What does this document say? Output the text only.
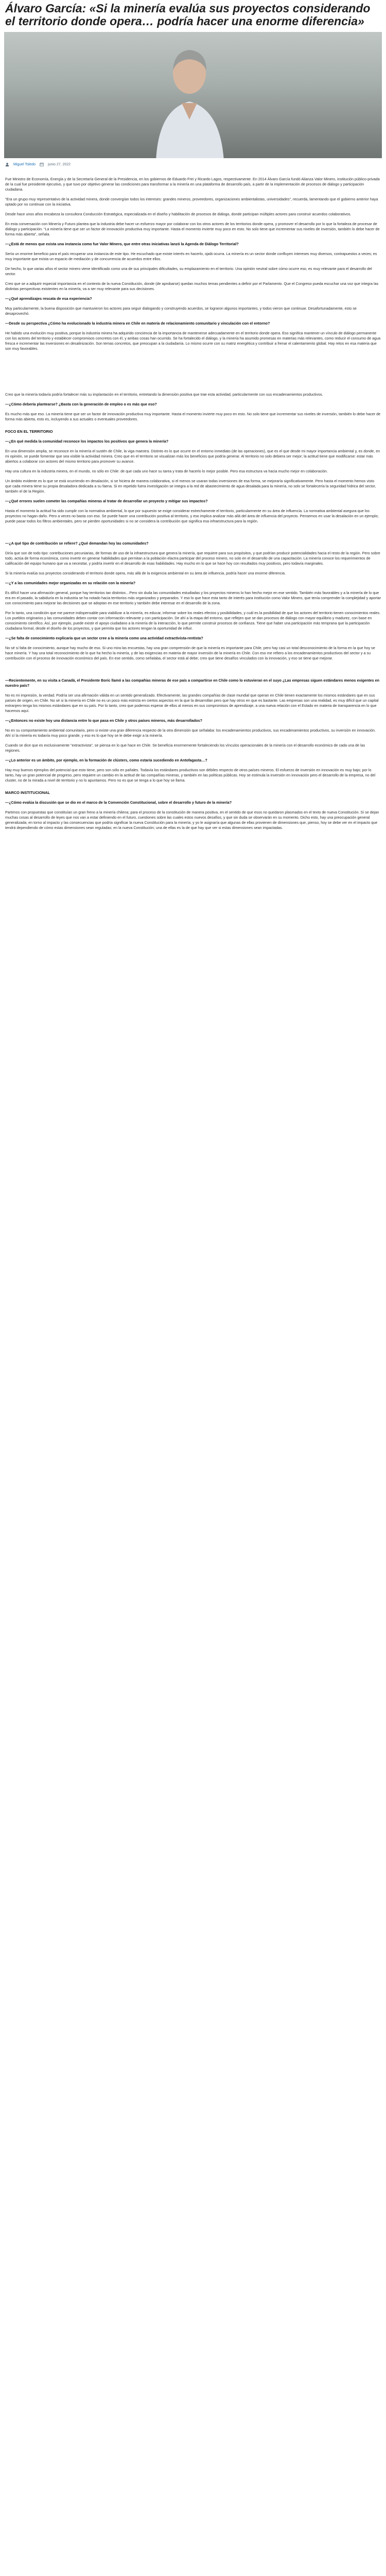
Álvaro García: «Si la minería evalúa sus proyectos considerando el territorio donde opera… podría hacer una enorme diferencia»
Miguel Toledo	junio 27, 2022

Fue Ministro de Economía, Energía y de la Secretaría General de la Presidencia, en los gobiernos de Eduardo Frei y Ricardo Lagos, respectivamente. En 2014 Álvaro García fundó Alianza Valor Minero, institución público-privada de la cual fue presidente ejecutivo, y que tuvo por objetivo generar las condiciones para transformar a la minería en una plataforma de desarrollo país, a partir de la implementación de procesos de diálogo y participación ciudadana.

“Era un grupo muy representativo de la actividad minera, donde convergían todos los intereses: grandes mineros, proveedores, organizaciones ambientalistas, universidades”, recuerda, lamentando que el gobierno anterior haya optado por no continuar con la iniciativa.

Desde hace unos años encabeza la consultora Conducción Estratégica, especializada en el diseño y habilitación de procesos de diálogo, donde participan múltiples actores para construir acuerdos colaborativos.

En esta conversación con Minería y Futuro plantea que la industria debe hacer un esfuerzo mayor por colaborar con los otros actores de los territorios donde opera, y promover el desarrollo por lo que la fortaleza de procesar de diálogo y participación. “La minería tiene que ser un factor de innovación productiva muy importante. Hasta el momento inviertе muy poco en esto. No solo tiene que incrementar sus niveles de inversión, también lo debe hacer de forma más abierta”, señala.

—¿Está de menos que exista una instancia como fue Valor Minero, que entre otras iniciativas lanzó la Agenda de Diálogo Territorial?

Sería un enorme beneficio para el país recuperar una instancia de este tipo. He escuchado que existe interés en hacerlo, ojalá ocurra. La minería es un sector donde confluyen intereses muy diversos, contrapuestos a veces; es muy importante que exista un espacio de mediación y de concurrencia de acuerdos entre ellos.

De hecho, lo que varias años el sector minero viene identificado como una de sus principales dificultades, su emplazamiento en el territorio. Una opinión neutral sobre cómo ocurre eso, es muy relevante para el desarrollo del sector.

Creo que se a adquirir especial importancia en el contexto de la nueva Constitución, donde (de aprobarse) quedan muchos temas pendientes a definir por el Parlamento. Que el Congreso pueda escuchar una voz que integra las distintas perspectivas existentes en la minería, va a ser muy relevante para sus decisiones.

—¿Qué aprendizajes rescata de esa experiencia?

Muy particularmente, la buena disposición que mantuvieron los actores para seguir dialogando y construyendo acuerdos, se lograron algunos importantes, y todos vieron que continuar. Desafortunadamente, esto se desaprovechó.

—Desde su perspectiva ¿Cómo ha evolucionado la industria minera en Chile en materia de relacionamiento comunitario y vinculación con el entorno?

He habido una evolución muy positiva, porque la industria minera ha adquirido conciencia de la importancia de mantenerse adecuadamente en el territorio donde opera. Eso significa mantener un vínculo de diálogo permanente con los actores del territorio y establecer compromisos concretos con él, y ambas cosas han ocurrido. Se ha fortalecido el diálogo, y la minería ha asumido promesas en materias más relevantes, como reducir el consumo de agua fresca e incrementar las inversiones en desalinización. Son temas concretos, que preocupan a la ciudadanía. Lo mismo ocurre con su matriz energética y contribuir a frenar el calentamiento global. Hay retos en esa materia que son muy favorables.

Creo que la minería todavía podría fortalecer más su implantación en el territorio, entretando la dimensión positiva que trae esta actividad, particularmente con sus encadenamientos productivos.

—¿Cómo debería plantearse? ¿Basta con la generación de empleo o es más que eso?

Es mucho más que eso. La minería tiene que ser un factor de innovación productiva muy importante. Hasta el momento inviertе muy poco en esto. No solo tiene que incrementar sus niveles de inversión, también lo debe hacer de forma más abierta, esto es, incluyendo a sus actuales o eventuales proveedores.

FOCO EN EL TERRITORIO

—¿En qué medida la comunidad reconoce los impactos los positivos que genera la minería?

En una dimensión amplia, se reconoce en la minería el sustén de Chile, la viga maestra. Distinto es lo que ocurre en el entorno inmediato (de las operaciones), que es el que desde mi mayor importancia ambiental y, es donde, en mi opinión, se puede fomentar que sea visible la actividad minera. Creo que en el territorio se visualizan más los beneficios que podría generar. Al territorio no solo debiera ser mejor; la actitud tiene que modificarse: estar más abiertos a colaborar con actores del mismo territorio para promover su avance.

Hay una cultura en la industria minera, en el mundo, no sólo en Chile: de que cada uno hace su tarea y trata de hacerlo lo mejor posible. Pero esa estructura va hacia mucho mejor en colaboración.

Un ámbito evidente es lo que se está ocurriendo en desalación, si se hiciera de manera colaborativa, si el menos se usaran todas inversiones de esa forma, se mejoraría significativamente. Pero hasta el momento hemos visto que cada minera tiene su propia desaladora dedicada a su faena. Si en repetido fuera investigación se integra a la red de abastecimiento de agua desalada para la minería, no solo se fortalecería la seguridad hídrica del sector, también el de la Región.

—¿Qué errores suelen cometer las compañías mineras al tratar de desarrollar un proyecto y mitigar sus impactos?

Hasta el momento la actitud ha sido cumplir con la normativa ambiental, lo que por supuesto se exige considerar estrechamente el territorio, particularmente en su área de influencia. La normativa ambiental asegura que los proyectos no hagan daño. Pero a veces no basta con eso. Se puede hacer una contribución positiva al territorio, y eso implica analizar más allá del área de influencia del proyecto. Pensemos en usar la desalación en un ejemplo; puede pasar todos los filtros ambientales, pero se pierden oportunidades si no se considera la contribución que significa esa infraestructura para la región.

—¿A qué tipo de contribución se refiere? ¿Qué demandan hoy las comunidades?

Diría que son de todo tipo: contribuciones pecuniarias, de formas de uso de la infraestructura que genera la minería, que requiere para sus propósitos, y que podrían producir potencialidades hacia el resto de la región. Pero sobre todo, actúa de forma económica, como invertir en generar habilidades que permitan a la población elactra participar del proceso minero, no solo en el desarrollo de una capacitación. La minería conoce los requerimientos de calificación del equipo humano que va a necesitar, y podría invertir en el desarrollo de esas habilidades. Hay mucho en lo que se hace hoy con resultados muy positivos, pero todavía marginales.

Si la minería evalúa sus proyectos considerando el territorio donde opera, más allá de la exigencia ambiental en su área de influencia, podría hacer una enorme diferencia.

—¿Y a las comunidades mejor organizadas en su relación con la minería?

Es difícil hacer una afirmación general, porque hay territorios tan distintos…Pero sin duda las comunidades estudiadas y los proyectos mineros lo han hecho mejor en ese sentido. También más favorables y a la minería de lo que era en el pasado, la sabiduría en la industria se ha notado hacia territorios más organizados y preparados. Y eso lo que hace esta tanto de interés para institución como Valor Minero, que tenía comprender la complejidad y aportar con conocimiento para mejorar las decisiones que se adoptan en ese territorio y también debe interesar en el desarrollo de la zona.

Por lo tanto, una condición que me parece indispensable para viabilizar a la minería, es educar, informar sobre los reales efectos y posibilidades, y cuál es la posibilidad de que los actores del territorio tienen conocimientos reales. Los pueblos originarios y las comunidades deben contar con información relevante y con participación. De ahí a la etapa del entorno, que reflejen que se dan procesos de diálogo con mayor equilibrio y madurez, con base en conocimiento científico. Así, por ejemplo, puede existir el apoyo ciudadano a la minería de la interacción, lo que permite construir procesos de confianza. Tiene que haber una participación más temprana que la participación ciudadana formal, desde el diseño de los proyectos, y que permita que los actores tengan la oportunidad de influir.

—¿Se falta de conocimiento explicaría que un sector cree a la minería como una actividad extractivista-rentista?

No sé si falta de conocimiento, aunque hay mucho de eso. Si uno mira las encuestas, hay una gran comprensión de que la minería es importante para Chile, pero hay casi un total desconocimiento de la forma en la que hoy se hace minería. Y hay una total reconocimiento de lo que ha hecho la minería, y de las exigencias en materia de mayor inversión de la minería en Chile. Con eso me refiero a los encadenamientos productivos del sector y a su contribución con el proceso de innovación económico del país. En ese sentido, como señalaba, el sector está al debe; creo que tiene desafíos vinculados con la innovación, y eso se tiene que mejorar.

—Recientemente, en su visita a Canadá, el Presidente Boric llamó a las compañías mineras de ese país a compartirse en Chile como lo estuvieran en el suyo ¿Las empresas siguen estándares menos exigentes en nuestro país?

No es mi impresión, la verdad. Podría ser una afirmación válida en un sentido generalizado. Efectivamente, las grandes compañías de clase mundial que operan en Chile tienen exactamente los mismos estándares que en sus países de origen, en Chile. No sé si la minería en Chile no es un poco más estricta en ciertos aspectos en la que la desarrollan pero que hay otros en que es bastante. Las empresas son una realidad, es muy difícil que un capital extranjero tenga los mismos estándares que en su país. Por lo tanto, creo que podemos esperar de ellos al menos en sus compromisos de aprendizaje, a una nueva relación con el Estado en materia de transparencia en lo que hacemos aquí.

—¿Entonces no existe hoy una distancia entre lo que pasa en Chile y otros países mineros, más desarrollados?

No en su comportamiento ambiental comunitario, pero si existe una gran diferencia respecto de la otra dimensión que señalaba: los encadenamientos productivos, sus encadenamientos productivos, su inversión en innovación. Ahí sí la minería es todavía muy poco grande, y eso es lo que hoy se le debe exigir a la minería.

Cuando se dice que es exclusivamente “extractivista”, se piensa en lo que hace en Chile. Se beneficia enormemente fortaleciendo los vínculos operacionales de la minería con el desarrollo económico de cada una de las regiones.

—¿Lo anterior es un ámbito, por ejemplo, en la formación de clústers, como estaría sucediendo en Antofagasta…?

Hay muy buenos ejemplos del potencial que esto tiene, pero son sólo en pañales. Todavía los estándares productivos son débiles respecto de otros países mineros. El esfuerzo de inversión en innovación es muy bajo; por lo tanto, hay un gran potencial de progreso, pero requiere un cambio en la actitud de las compañías mineras, y también en las políticas públicas. Hoy se estimula la inversión en innovación pero el desarrollo de la empresa, no del cluster, no de la mirada a nivel de territorio y no lo apuntamos. Pero no es que se tenga a lo que hoy se llama.

MARCO INSTITUCIONAL

—¿Cómo evalúa la discusión que se dio en el marco de la Convención Constitucional, sobre el desarrollo y futuro de la minería?

Partimos con propuestas que constituían un gran freno a la minería chilena; para el proceso de la constitución de manera positiva, en el sentido de que esos no quedaron plasmados en el texto de nueva Constitución. Sí se dejan muchas cosas al desarrollo de leyes que nos van a estar definiendo en el futuro, cuestiones sobre las cuales estos nuevos desafíos, y que sin duda se observarán en su momento. Dicho esto, hay una preocupación general generalizada; en torno al impacto y las consecuencias que podría significar la nueva Constitución para la minería; y yo le asignaría que algunas de ellas provienen de dimensiones que, pienso, hoy se debe ver en el impacto que tendrá dependiendo de cómo estas dimensiones sean reguladas; en la nueva Constitución; una de ellas es la de que hay que ver si estas dimensiones sean impactadas.
